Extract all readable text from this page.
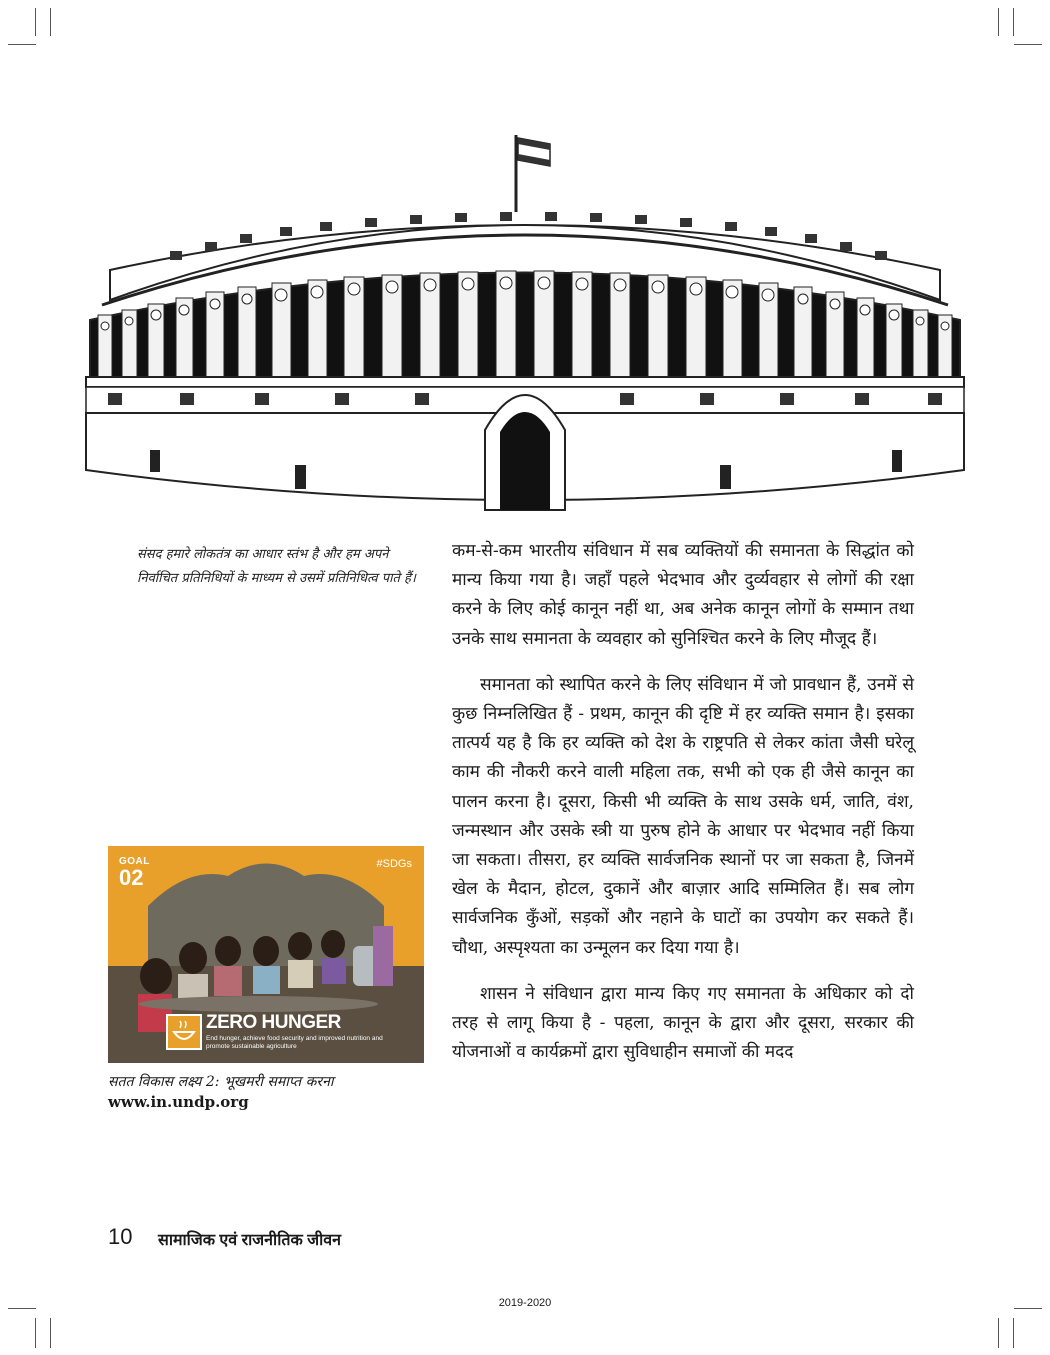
संसद हमारे लोकतंत्र का आधार स्तंभ है और हम अपने निर्वाचित प्रतिनिधियों के माध्यम से उसमें प्रतिनिधित्व पाते हैं।

कम-से-कम भारतीय संविधान में सब व्यक्तियों की समानता के सिद्धांत को मान्य किया गया है। जहाँ पहले भेदभाव और दुर्व्यवहार से लोगों की रक्षा करने के लिए कोई कानून नहीं था, अब अनेक कानून लोगों के सम्मान तथा उनके साथ समानता के व्यवहार को सुनिश्चित करने के लिए मौजूद हैं।

समानता को स्थापित करने के लिए संविधान में जो प्रावधान हैं, उनमें से कुछ निम्नलिखित हैं - प्रथम, कानून की दृष्टि में हर व्यक्ति समान है। इसका तात्पर्य यह है कि हर व्यक्ति को देश के राष्ट्रपति से लेकर कांता जैसी घरेलू काम की नौकरी करने वाली महिला तक, सभी को एक ही जैसे कानून का पालन करना है। दूसरा, किसी भी व्यक्ति के साथ उसके धर्म, जाति, वंश, जन्मस्थान और उसके स्त्री या पुरुष होने के आधार पर भेदभाव नहीं किया जा सकता। तीसरा, हर व्यक्ति सार्वजनिक स्थानों पर जा सकता है, जिनमें खेल के मैदान, होटल, दुकानें और बाज़ार आदि सम्मिलित हैं। सब लोग सार्वजनिक कुँओं, सड़कों और नहाने के घाटों का उपयोग कर सकते हैं। चौथा, अस्पृश्यता का उन्मूलन कर दिया गया है।

शासन ने संविधान द्वारा मान्य किए गए समानता के अधिकार को दो तरह से लागू किया है - पहला, कानून के द्वारा और दूसरा, सरकार की योजनाओं व कार्यक्रमों द्वारा सुविधाहीन समाजों की मदद

GOAL
02
#SDGs
ZERO HUNGER
End hunger, achieve food security and improved nutrition and promote sustainable agriculture
सतत विकास लक्ष्य 2: भूखमरी समाप्त करना
www.in.undp.org
10 सामाजिक एवं राजनीतिक जीवन
2019-2020
